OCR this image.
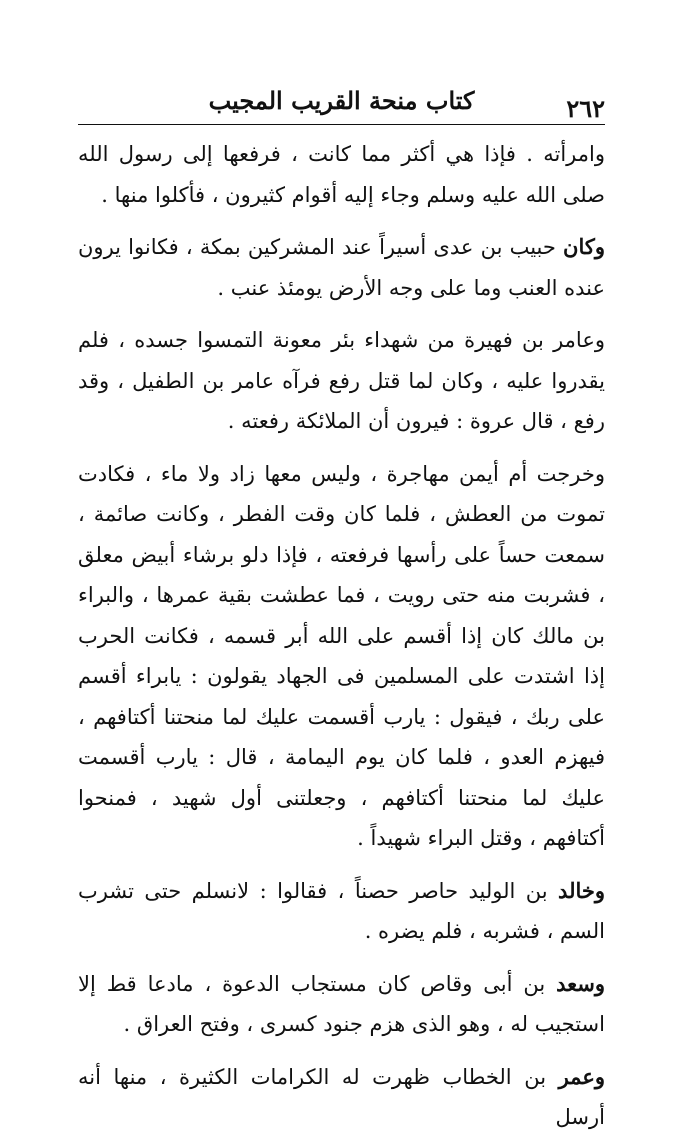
كتاب منحة القريب المجيب	٢٦٢

وامرأته . فإذا هي أكثر مما كانت ، فرفعها إلى رسول الله صلى الله عليه وسلم وجاء إليه أقوام كثيرون ، فأكلوا منها .

وكان حبيب بن عدى أسيراً عند المشركين بمكة ، فكانوا يرون عنده العنب وما على وجه الأرض يومئذ عنب .

وعامر بن فهيرة من شهداء بئر معونة التمسوا جسده ، فلم يقدروا عليه ، وكان لما قتل رفع فرآه عامر بن الطفيل ، وقد رفع ، قال عروة : فيرون أن الملائكة رفعته .

وخرجت أم أيمن مهاجرة ، وليس معها زاد ولا ماء ، فكادت تموت من العطش ، فلما كان وقت الفطر ، وكانت صائمة ، سمعت حساً على رأسها فرفعته ، فإذا دلو برشاء أبيض معلق ، فشربت منه حتى رويت ، فما عطشت بقية عمرها ، والبراء بن مالك كان إذا أقسم على الله أبر قسمه ، فكانت الحرب إذا اشتدت على المسلمين فى الجهاد يقولون : يابراء أقسم على ربك ، فيقول : يارب أقسمت عليك لما منحتنا أكتافهم ، فيهزم العدو ، فلما كان يوم اليمامة ، قال : يارب أقسمت عليك لما منحتنا أكتافهم ، وجعلتنى أول شهيد ، فمنحوا أكتافهم ، وقتل البراء شهيداً .

وخالد بن الوليد حاصر حصناً ، فقالوا : لانسلم حتى تشرب السم ، فشربه ، فلم يضره .

وسعد بن أبى وقاص كان مستجاب الدعوة ، مادعا قط إلا استجيب له ، وهو الذى هزم جنود كسرى ، وفتح العراق .

وعمر بن الخطاب ظهرت له الكرامات الكثيرة ، منها أنه أرسل
